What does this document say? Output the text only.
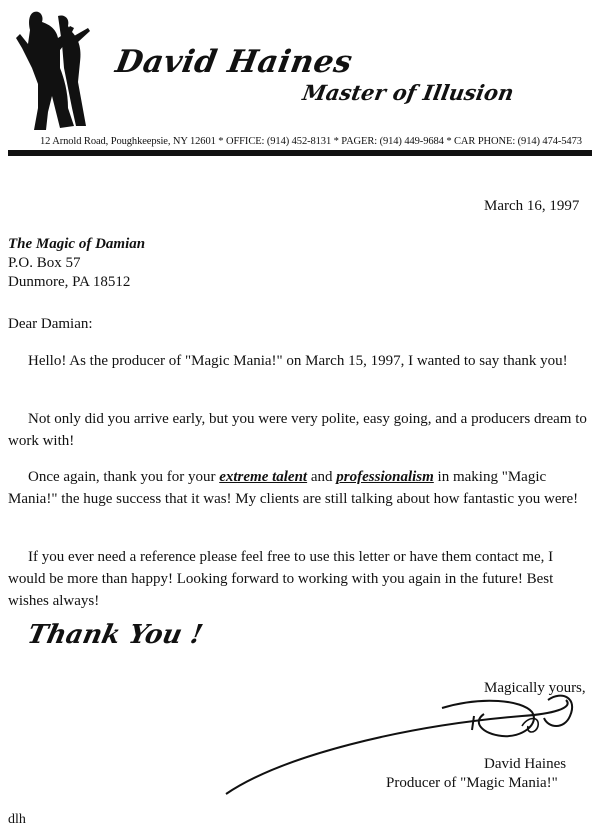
David Haines
Master of Illusion
12 Arnold Road, Poughkeepsie, NY 12601 * OFFICE: (914) 452-8131 * PAGER: (914) 449-9684 * CAR PHONE: (914) 474-5473
March 16, 1997
The Magic of Damian
P.O. Box 57
Dunmore, PA 18512
Dear Damian:

Hello! As the producer of "Magic Mania!" on March 15, 1997, I wanted to say thank you!

Not only did you arrive early, but you were very polite, easy going, and a producers dream to work with!

Once again, thank you for your extreme talent and professionalism in making "Magic Mania!" the huge success that it was! My clients are still talking about how fantastic you were!

If you ever need a reference please feel free to use this letter or have them contact me, I would be more than happy! Looking forward to working with you again in the future! Best wishes always!

Thank You !
Magically yours,
David Haines
Producer of "Magic Mania!"
dlh
